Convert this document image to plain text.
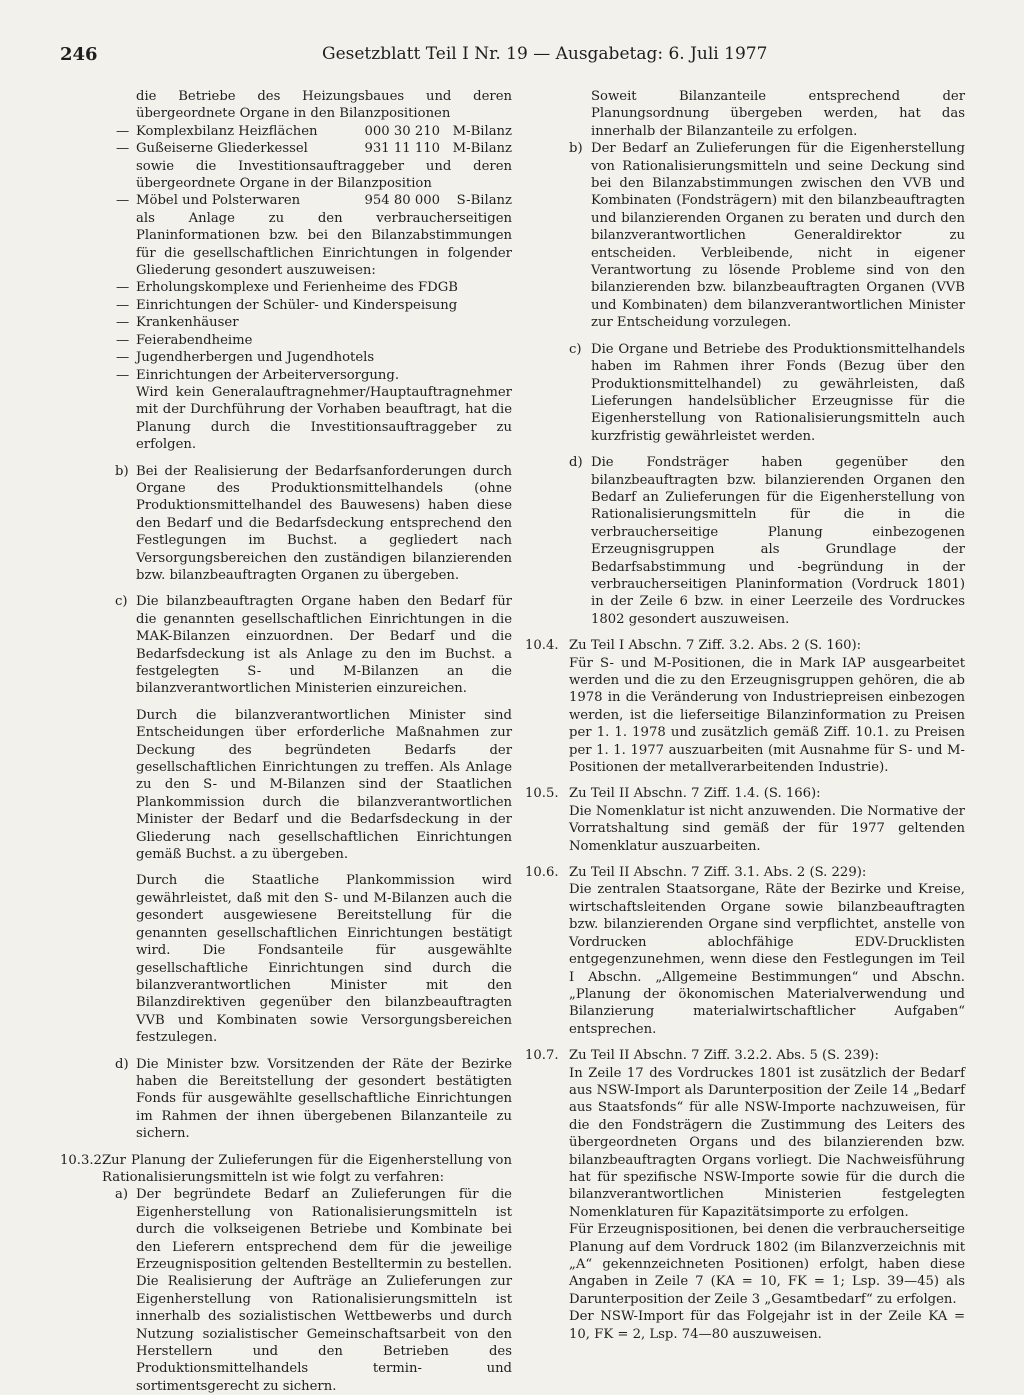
246	Gesetzblatt Teil I Nr. 19 — Ausgabetag: 6. Juli 1977

die Betriebe des Heizungsbaues und deren übergeordnete Organe in den Bilanzpositionen

— Komplexbilanz Heizflächen	000 30 210 M-Bilanz
— Gußeiserne Gliederkessel	931 11 110 M-Bilanz

sowie die Investitionsauftraggeber und deren übergeordnete Organe in der Bilanzposition

— Möbel und Polsterwaren	954 80 000	S-Bilanz

als Anlage zu den verbraucherseitigen Planinformationen bzw. bei den Bilanzabstimmungen für die gesellschaftlichen Einrichtungen in folgender Gliederung gesondert auszuweisen:

— Erholungskomplexe und Ferienheime des FDGB
— Einrichtungen der Schüler- und Kinderspeisung
— Krankenhäuser
— Feierabendheime
— Jugendherbergen und Jugendhotels
— Einrichtungen der Arbeiterversorgung.

Wird kein Generalauftragnehmer/Hauptauftragnehmer mit der Durchführung der Vorhaben beauftragt, hat die Planung durch die Investitionsauftraggeber zu erfolgen.

b) Bei der Realisierung der Bedarfsanforderungen durch Organe des Produktionsmittelhandels (ohne Produktionsmittelhandel des Bauwesens) haben diese den Bedarf und die Bedarfsdeckung entsprechend den Festlegungen im Buchst. a gegliedert nach Versorgungsbereichen den zuständigen bilanzierenden bzw. bilanzbeauftragten Organen zu übergeben.
c) Die bilanzbeauftragten Organe haben den Bedarf für die genannten gesellschaftlichen Einrichtungen in die MAK-Bilanzen einzuordnen. Der Bedarf und die Bedarfsdeckung ist als Anlage zu den im Buchst. a festgelegten S- und M-Bilanzen an die bilanzverantwortlichen Ministerien einzureichen.

Durch die bilanzverantwortlichen Minister sind Entscheidungen über erforderliche Maßnahmen zur Deckung des begründeten Bedarfs der gesellschaftlichen Einrichtungen zu treffen. Als Anlage zu den S- und M-Bilanzen sind der Staatlichen Plankommission durch die bilanzverantwortlichen Minister der Bedarf und die Bedarfsdeckung in der Gliederung nach gesellschaftlichen Einrichtungen gemäß Buchst. a zu übergeben.

Durch die Staatliche Plankommission wird gewährleistet, daß mit den S- und M-Bilanzen auch die gesondert ausgewiesene Bereitstellung für die genannten gesellschaftlichen Einrichtungen bestätigt wird. Die Fondsanteile für ausgewählte gesellschaftliche Einrichtungen sind durch die bilanzverantwortlichen Minister mit den Bilanzdirektiven gegenüber den bilanzbeauftragten VVB und Kombinaten sowie Versorgungsbereichen festzulegen.

d) Die Minister bzw. Vorsitzenden der Räte der Bezirke haben die Bereitstellung der gesondert bestätigten Fonds für ausgewählte gesellschaftliche Einrichtungen im Rahmen der ihnen übergebenen Bilanzanteile zu sichern.
10.3.2.
Zur Planung der Zulieferungen für die Eigenherstellung von Rationalisierungsmitteln ist wie folgt zu verfahren:
a) Der begründete Bedarf an Zulieferungen für die Eigenherstellung von Rationalisierungsmitteln ist durch die volkseigenen Betriebe und Kombinate bei den Lieferern entsprechend dem für die jeweilige Erzeugnisposition geltenden Bestelltermin zu bestellen. Die Realisierung der Aufträge an Zulieferungen zur Eigenherstellung von Rationalisierungsmitteln ist innerhalb des sozialistischen Wettbewerbs und durch Nutzung sozialistischer Gemeinschaftsarbeit von den Herstellern und den Betrieben des Produktionsmittelhandels termin- und sortimentsgerecht zu sichern.

Soweit Bilanzanteile entsprechend der Planungsordnung übergeben werden, hat das innerhalb der Bilanzanteile zu erfolgen.

b) Der Bedarf an Zulieferungen für die Eigenherstellung von Rationalisierungsmitteln und seine Deckung sind bei den Bilanzabstimmungen zwischen den VVB und Kombinaten (Fondsträgern) mit den bilanzbeauftragten und bilanzierenden Organen zu beraten und durch den bilanzverantwortlichen Generaldirektor zu entscheiden. Verbleibende, nicht in eigener Verantwortung zu lösende Probleme sind von den bilanzierenden bzw. bilanzbeauftragten Organen (VVB und Kombinaten) dem bilanzverantwortlichen Minister zur Entscheidung vorzulegen.
c) Die Organe und Betriebe des Produktionsmittelhandels haben im Rahmen ihrer Fonds (Bezug über den Produktionsmittelhandel) zu gewährleisten, daß Lieferungen handelsüblicher Erzeugnisse für die Eigenherstellung von Rationalisierungsmitteln auch kurzfristig gewährleistet werden.
d) Die Fondsträger haben gegenüber den bilanzbeauftragten bzw. bilanzierenden Organen den Bedarf an Zulieferungen für die Eigenherstellung von Rationalisierungsmitteln für die in die verbraucherseitige Planung einbezogenen Erzeugnisgruppen als Grundlage der Bedarfsabstimmung und -begründung in der verbraucherseitigen Planinformation (Vordruck 1801) in der Zeile 6 bzw. in einer Leerzeile des Vordruckes 1802 gesondert auszuweisen.
10.4. Zu Teil I Abschn. 7 Ziff. 3.2. Abs. 2 (S. 160):
Für S- und M-Positionen, die in Mark IAP ausgearbeitet werden und die zu den Erzeugnisgruppen gehören, die ab 1978 in die Veränderung von Industriepreisen einbezogen werden, ist die lieferseitige Bilanzinformation zu Preisen per 1. 1. 1978 und zusätzlich gemäß Ziff. 10.1. zu Preisen per 1. 1. 1977 auszuarbeiten (mit Ausnahme für S- und M-Positionen der metallverarbeitenden Industrie).
10.5. Zu Teil II Abschn. 7 Ziff. 1.4. (S. 166):
Die Nomenklatur ist nicht anzuwenden. Die Normative der Vorratshaltung sind gemäß der für 1977 geltenden Nomenklatur auszuarbeiten.
10.6. Zu Teil II Abschn. 7 Ziff. 3.1. Abs. 2 (S. 229):
Die zentralen Staatsorgane, Räte der Bezirke und Kreise, wirtschaftsleitenden Organe sowie bilanzbeauftragten bzw. bilanzierenden Organe sind verpflichtet, anstelle von Vordrucken ablochfähige EDV-Drucklisten entgegenzunehmen, wenn diese den Festlegungen im Teil I Abschn. „Allgemeine Bestimmungen“ und Abschn. „Planung der ökonomischen Materialverwendung und Bilanzierung materialwirtschaftlicher Aufgaben“ entsprechen.
10.7. Zu Teil II Abschn. 7 Ziff. 3.2.2. Abs. 5 (S. 239):
In Zeile 17 des Vordruckes 1801 ist zusätzlich der Bedarf aus NSW-Import als Darunterposition der Zeile 14 „Bedarf aus Staatsfonds“ für alle NSW-Importe nachzuweisen, für die den Fondsträgern die Zustimmung des Leiters des übergeordneten Organs und des bilanzierenden bzw. bilanzbeauftragten Organs vorliegt. Die Nachweisführung hat für spezifische NSW-Importe sowie für die durch die bilanzverantwortlichen Ministerien festgelegten Nomenklaturen für Kapazitätsimporte zu erfolgen.
Für Erzeugnispositionen, bei denen die verbraucherseitige Planung auf dem Vordruck 1802 (im Bilanzverzeichnis mit „A“ gekennzeichneten Positionen) erfolgt, haben diese Angaben in Zeile 7 (KA = 10, FK = 1; Lsp. 39—45) als Darunterposition der Zeile 3 „Gesamtbedarf“ zu erfolgen.
Der NSW-Import für das Folgejahr ist in der Zeile KA = 10, FK = 2, Lsp. 74—80 auszuweisen.
